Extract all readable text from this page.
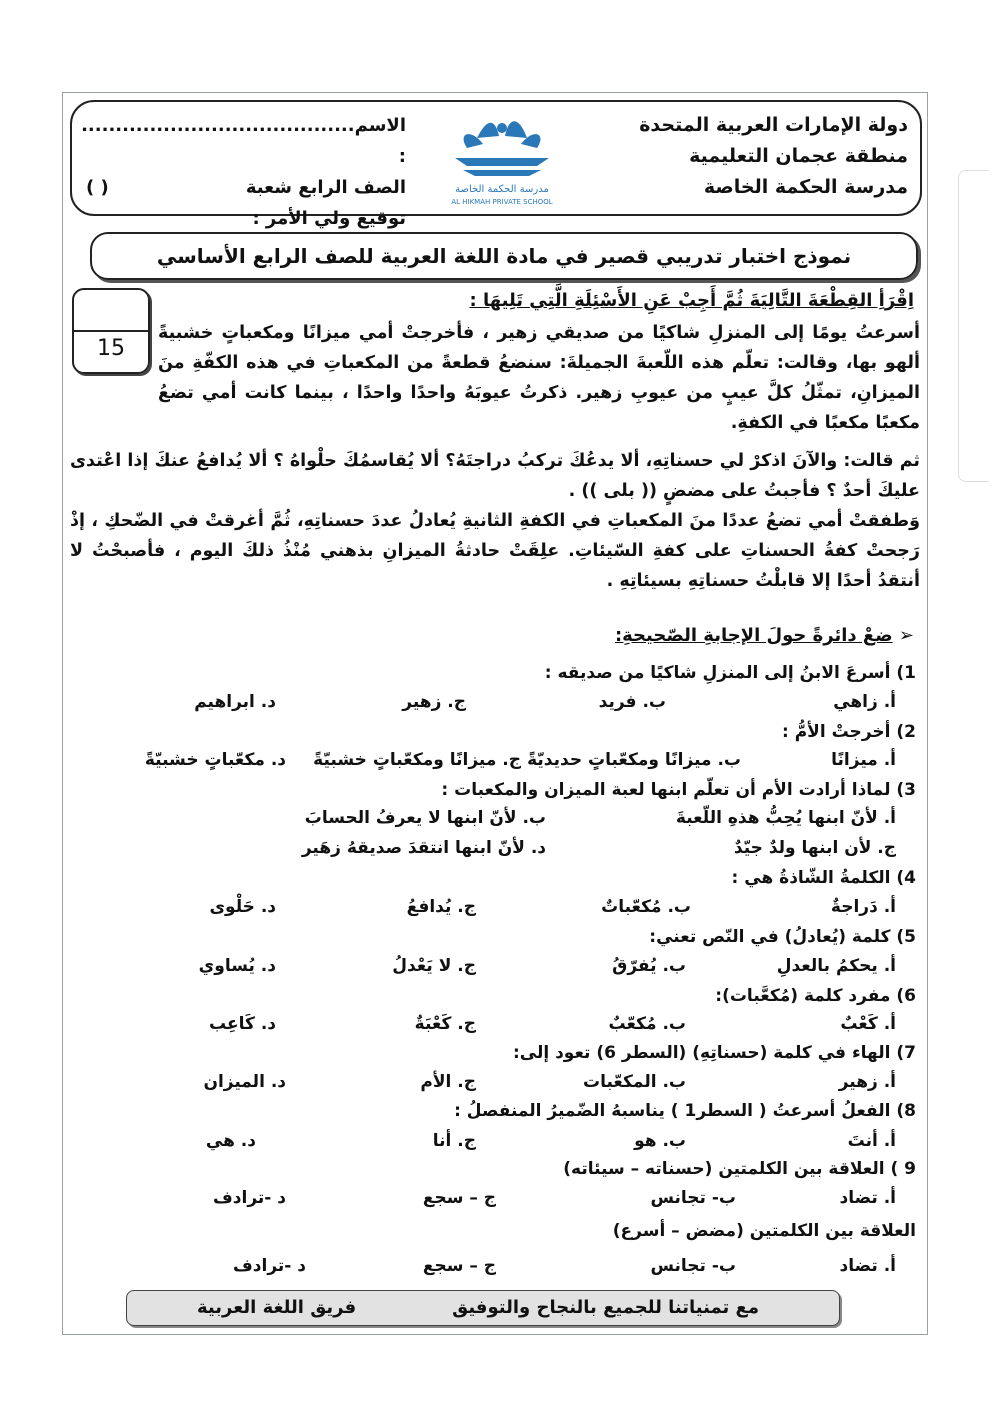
دولة الإمارات العربية المتحدة
منطقة عجمان التعليمية
مدرسة الحكمة الخاصة
مدرسة الحكمة الخاصة
AL HIKMAH PRIVATE SCHOOL
الاسم :
........................................
الصف الرابع شعبة
( )
توقيع ولي الأمر :
نموذج اختبار تدريبي قصير في مادة اللغة العربية للصف الرابع الأساسي
15
اِقْرَأِ القِطْعَةَ التَّالِيَةَ ثُمَّ أَجِبْ عَنِ الأَسْئِلَةِ الَّتِي تَلِيهَا :
أسرعتُ يومًا إلى المنزلِ شاكيًا من صديقي زهير ، فأخرجتْ أمي ميزانًا ومكعباتٍ خشبيةً ألهو بها، وقالت: تعلّم هذه اللّعبةَ الجميلةَ: سنضعُ قطعةً من المكعباتِ في هذه الكفّةِ منَ الميزانِ، تمثّلُ كلَّ عيبٍ من عيوبِ زهير. ذكرتُ عيوبَهُ واحدًا واحدًا ، بينما كانت أمي تضعُ مكعبًا مكعبًا في الكفةِ.

ثم قالت: والآنَ اذكرْ لي حسناتِهِ، ألا يدعُكَ تركبُ دراجتَهُ؟ ألا يُقاسمُكَ حلْواهُ ؟ ألا يُدافعُ عنكَ إذا اعْتدى عليكَ أحدٌ ؟ فأجبتُ على مضضٍ (( بلى )) .

وَطفقتْ أمي تضعُ عددًا منَ المكعباتِ في الكفةِ الثانيةِ يُعادلُ عددَ حسناتِهِ، ثُمَّ أغرقتْ في الضّحكِ ، إذْ رَجحتْ كفةُ الحسناتِ على كفةِ السّيئاتِ. علِقَتْ حادثةُ الميزانِ بذهني مُنْذُ ذلكَ اليوم ، فأصبحْتُ لا أنتقدُ أحدًا إلا قابلْتُ حسناتِهِ بسيئاتِهِ .

➢ ضعْ دائرةً حولَ الإجابةِ الصّحيحةِ:
1) أسرعَ الابنُ إلى المنزلِ شاكيًا من صديقه :
أ. زاهي
ب. فريد
ج. زهير
د. ابراهيم
2) أخرجتْ الأمُّ :
أ. ميزانًا
ب. ميزانًا ومكعّباتٍ حديديّةً
ج. ميزانًا ومكعّباتٍ خشبيّةً
د. مكعّباتٍ خشبيّةً
3) لماذا أرادت الأم أن تعلّم ابنها لعبة الميزان والمكعبات :
أ. لأنّ ابنها يُحِبُّ هذهِ اللّعبةَ
ب. لأنّ ابنها لا يعرفُ الحسابَ
ج. لأن ابنها ولدٌ جيّدٌ
د. لأنّ ابنها انتقدَ صديقهُ زهَير
4) الكلمةُ الشّاذةُ هي :
أ. دَراجةٌ
ب. مُكعّباتٌ
ج. يُدافعُ
د. حَلْوى
5) كلمة (يُعادلُ) في النّص تعني:
أ. يحكمُ بالعدلِ
ب. يُفرّقُ
ج. لا يَعْدلُ
د. يُساوي
6) مفرد كلمة (مُكعَّبات):
أ. كَعْبٌ
ب. مُكعّبٌ
ج. كَعْبَةٌ
د. كَاعِب
7) الهاء في كلمة (حسناتِهِ) (السطر 6) تعود إلى:
أ. زهير
ب. المكعّبات
ج. الأم
د. الميزان
8) الفعلُ أسرعتُ ( السطر1 ) يناسبهُ الضّميرُ المنفصلُ :
أ. أنتَ
ب. هو
ج. أنا
د. هي
9 ) العلاقة بين الكلمتين (حسناته – سيئاته)
أ. تضاد
ب- تجانس
ج – سجع
د -ترادف
العلاقة بين الكلمتين (مضض – أسرع)
أ. تضاد
ب- تجانس
ج – سجع
د -ترادف
مع تمنياتنا للجميع بالنجاح والتوفيق
فريق اللغة العربية
